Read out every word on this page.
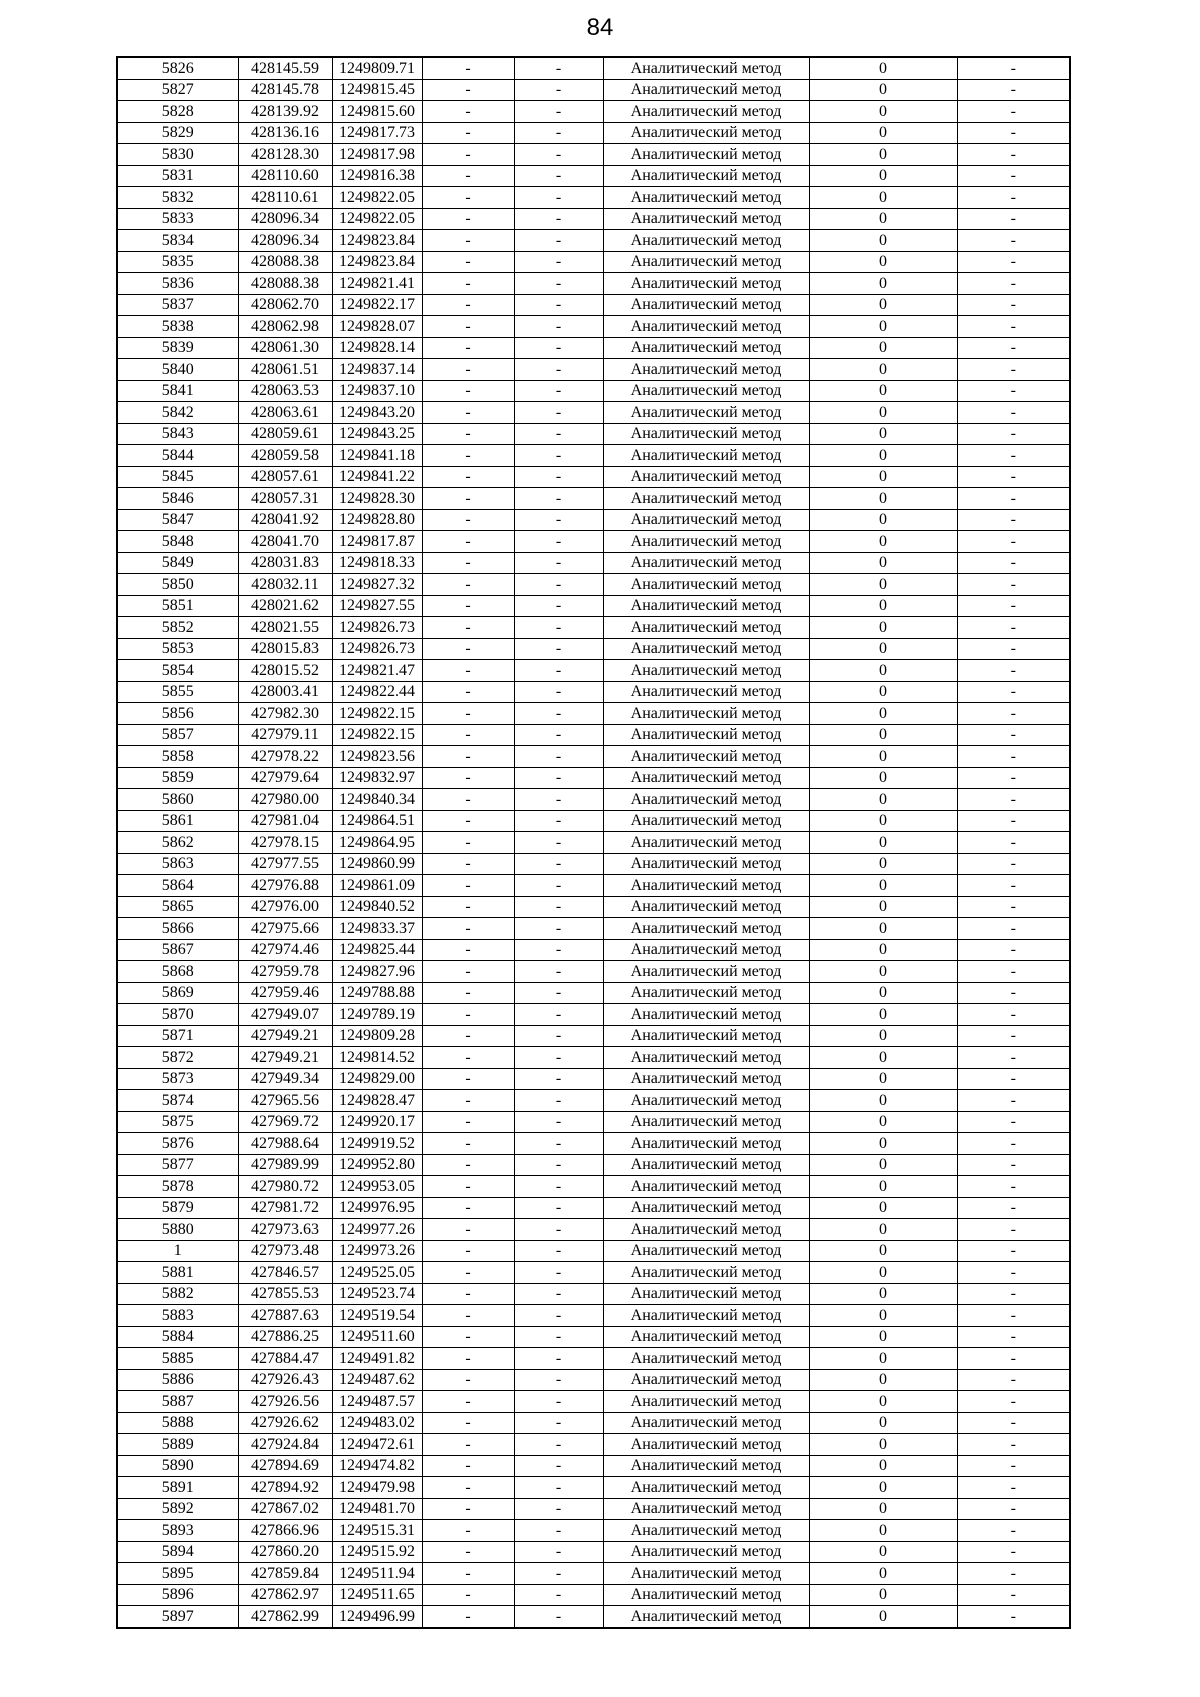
84
5826	428145.59	1249809.71	-	-	Аналитический метод	0	-
5827	428145.78	1249815.45	-	-	Аналитический метод	0	-
5828	428139.92	1249815.60	-	-	Аналитический метод	0	-
5829	428136.16	1249817.73	-	-	Аналитический метод	0	-
5830	428128.30	1249817.98	-	-	Аналитический метод	0	-
5831	428110.60	1249816.38	-	-	Аналитический метод	0	-
5832	428110.61	1249822.05	-	-	Аналитический метод	0	-
5833	428096.34	1249822.05	-	-	Аналитический метод	0	-
5834	428096.34	1249823.84	-	-	Аналитический метод	0	-
5835	428088.38	1249823.84	-	-	Аналитический метод	0	-
5836	428088.38	1249821.41	-	-	Аналитический метод	0	-
5837	428062.70	1249822.17	-	-	Аналитический метод	0	-
5838	428062.98	1249828.07	-	-	Аналитический метод	0	-
5839	428061.30	1249828.14	-	-	Аналитический метод	0	-
5840	428061.51	1249837.14	-	-	Аналитический метод	0	-
5841	428063.53	1249837.10	-	-	Аналитический метод	0	-
5842	428063.61	1249843.20	-	-	Аналитический метод	0	-
5843	428059.61	1249843.25	-	-	Аналитический метод	0	-
5844	428059.58	1249841.18	-	-	Аналитический метод	0	-
5845	428057.61	1249841.22	-	-	Аналитический метод	0	-
5846	428057.31	1249828.30	-	-	Аналитический метод	0	-
5847	428041.92	1249828.80	-	-	Аналитический метод	0	-
5848	428041.70	1249817.87	-	-	Аналитический метод	0	-
5849	428031.83	1249818.33	-	-	Аналитический метод	0	-
5850	428032.11	1249827.32	-	-	Аналитический метод	0	-
5851	428021.62	1249827.55	-	-	Аналитический метод	0	-
5852	428021.55	1249826.73	-	-	Аналитический метод	0	-
5853	428015.83	1249826.73	-	-	Аналитический метод	0	-
5854	428015.52	1249821.47	-	-	Аналитический метод	0	-
5855	428003.41	1249822.44	-	-	Аналитический метод	0	-
5856	427982.30	1249822.15	-	-	Аналитический метод	0	-
5857	427979.11	1249822.15	-	-	Аналитический метод	0	-
5858	427978.22	1249823.56	-	-	Аналитический метод	0	-
5859	427979.64	1249832.97	-	-	Аналитический метод	0	-
5860	427980.00	1249840.34	-	-	Аналитический метод	0	-
5861	427981.04	1249864.51	-	-	Аналитический метод	0	-
5862	427978.15	1249864.95	-	-	Аналитический метод	0	-
5863	427977.55	1249860.99	-	-	Аналитический метод	0	-
5864	427976.88	1249861.09	-	-	Аналитический метод	0	-
5865	427976.00	1249840.52	-	-	Аналитический метод	0	-
5866	427975.66	1249833.37	-	-	Аналитический метод	0	-
5867	427974.46	1249825.44	-	-	Аналитический метод	0	-
5868	427959.78	1249827.96	-	-	Аналитический метод	0	-
5869	427959.46	1249788.88	-	-	Аналитический метод	0	-
5870	427949.07	1249789.19	-	-	Аналитический метод	0	-
5871	427949.21	1249809.28	-	-	Аналитический метод	0	-
5872	427949.21	1249814.52	-	-	Аналитический метод	0	-
5873	427949.34	1249829.00	-	-	Аналитический метод	0	-
5874	427965.56	1249828.47	-	-	Аналитический метод	0	-
5875	427969.72	1249920.17	-	-	Аналитический метод	0	-
5876	427988.64	1249919.52	-	-	Аналитический метод	0	-
5877	427989.99	1249952.80	-	-	Аналитический метод	0	-
5878	427980.72	1249953.05	-	-	Аналитический метод	0	-
5879	427981.72	1249976.95	-	-	Аналитический метод	0	-
5880	427973.63	1249977.26	-	-	Аналитический метод	0	-
1	427973.48	1249973.26	-	-	Аналитический метод	0	-
5881	427846.57	1249525.05	-	-	Аналитический метод	0	-
5882	427855.53	1249523.74	-	-	Аналитический метод	0	-
5883	427887.63	1249519.54	-	-	Аналитический метод	0	-
5884	427886.25	1249511.60	-	-	Аналитический метод	0	-
5885	427884.47	1249491.82	-	-	Аналитический метод	0	-
5886	427926.43	1249487.62	-	-	Аналитический метод	0	-
5887	427926.56	1249487.57	-	-	Аналитический метод	0	-
5888	427926.62	1249483.02	-	-	Аналитический метод	0	-
5889	427924.84	1249472.61	-	-	Аналитический метод	0	-
5890	427894.69	1249474.82	-	-	Аналитический метод	0	-
5891	427894.92	1249479.98	-	-	Аналитический метод	0	-
5892	427867.02	1249481.70	-	-	Аналитический метод	0	-
5893	427866.96	1249515.31	-	-	Аналитический метод	0	-
5894	427860.20	1249515.92	-	-	Аналитический метод	0	-
5895	427859.84	1249511.94	-	-	Аналитический метод	0	-
5896	427862.97	1249511.65	-	-	Аналитический метод	0	-
5897	427862.99	1249496.99	-	-	Аналитический метод	0	-
